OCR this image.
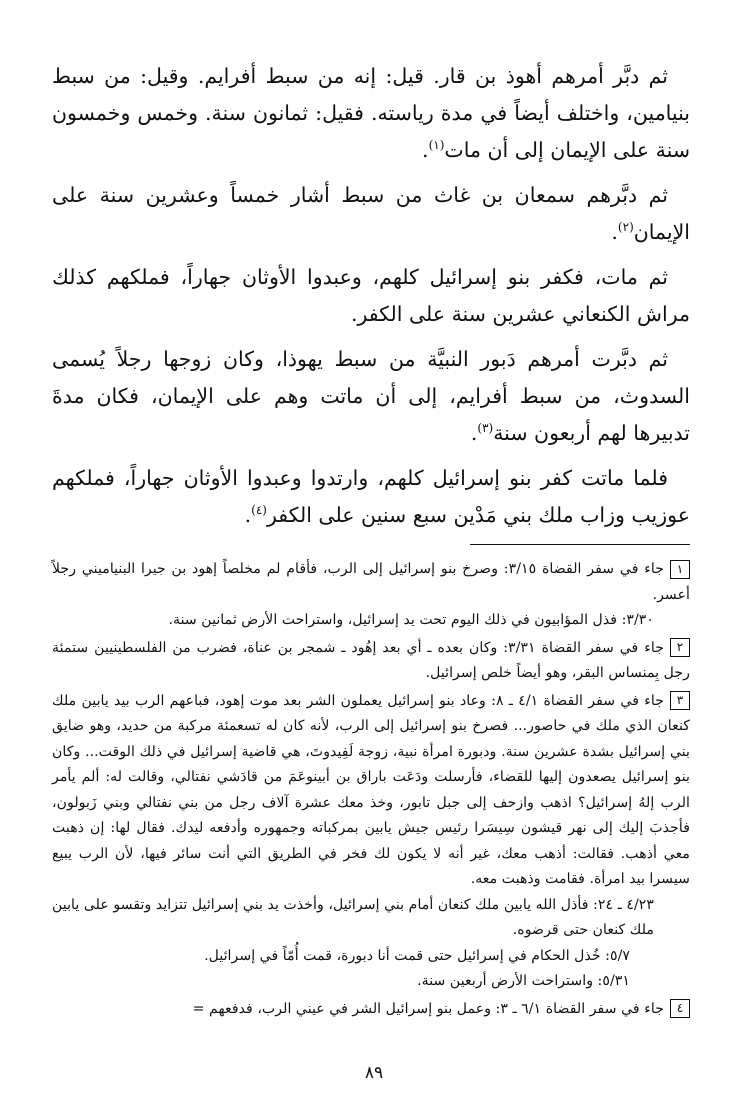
ثم دبَّر أمرهم أهوذ بن قار. قيل: إنه من سبط أفرايم. وقيل: من سبط بنيامين، واختلف أيضاً في مدة رياسته. فقيل: ثمانون سنة. وخمس وخمسون سنة على الإيمان إلى أن مات$^{(١)}$.

ثم دبَّرهم سمعان بن غاث من سبط أشار خمساً وعشرين سنة على الإيمان$^{(٢)}$.

ثم مات، فكفر بنو إسرائيل كلهم، وعبدوا الأوثان جهاراً، فملكهم كذلك مراش الكنعاني عشرين سنة على الكفر.

ثم دبَّرت أمرهم دَبور النبيَّة من سبط يهوذا، وكان زوجها رجلاً يُسمى السدوث، من سبط أفرايم، إلى أن ماتت وهم على الإيمان، فكان مدةَ تدبيرها لهم أربعون سنة$^{(٣)}$.

فلما ماتت كفر بنو إسرائيل كلهم، وارتدوا وعبدوا الأوثان جهاراً، فملكهم عوزيب وزاب ملك بني مَدْين سبع سنين على الكفر$^{(٤)}$.

١جاء في سفر القضاة ٣/١٥: وصرخ بنو إسرائيل إلى الرب، فأقام لم مخلصاً إهود بن جيرا البنياميني رجلاً أعسر.

٣/٣٠: فذل المؤابيون في ذلك اليوم تحت يد إسرائيل، واستراحت الأرض ثمانين سنة.

٢جاء في سفر القضاة ٣/٣١: وكان بعده ـ أي بعد إهُود ـ شمجر بن عناة، فضرب من الفلسطينيين ستمئة رجل بِمنساس البقر، وهو أيضاً خلص إسرائيل.

٣جاء في سفر القضاة ٤/١ ـ ٨: وعاد بنو إسرائيل يعملون الشر بعد موت إهود، فباعهم الرب بيد يابين ملك كنعان الذي ملك في حاصور... فصرخ بنو إسرائيل إلى الرب، لأنه كان له تسعمئة مركبة من حديد، وهو ضايق بني إسرائيل بشدة عشرين سنة. ودبورة امرأة نبية، زوجة لَفِيدوتَ، هي قاضية إسرائيل في ذلك الوقت... وكان بنو إسرائيل يصعدون إليها للقضاء، فأرسلت ودَعَت باراق بن أبينوعَمَ من قادَشي نفتالي، وقالت له: ألم يأمر الرب إلهُ إسرائيل؟ اذهب وازحف إلى جبل تابور، وخذ معك عشرة آلاف رجل من بني نفتالي وبني زَبولون، فأجذبَ إليك إلى نهر قيشون سِيسَرا رئيس جيش يابين بمركباته وجمهوره وأدفعه ليدك. فقال لها: إن ذهبت معي أذهب. فقالت: أذهب معك، غير أنه لا يكون لك فخر في الطريق التي أنت سائر فيها، لأن الرب يبيع سيسرا بيد امرأة. فقامت وذهبت معه.

٤/٢٣ ـ ٢٤: فأذل الله يابين ملك كنعان أمام بني إسرائيل، وأخذت يد بني إسرائيل تتزايد وتقسو على يابين ملك كنعان حتى قرضوه.

٥/٧: خُذل الحكام في إسرائيل حتى قمت أنا دبورة، قمت أُمّاً في إسرائيل.

٥/٣١: واستراحت الأرض أربعين سنة.

٤جاء في سفر القضاة ٦/١ ـ ٣: وعمل بنو إسرائيل الشر في عيني الرب، فدفعهم =

٨٩
